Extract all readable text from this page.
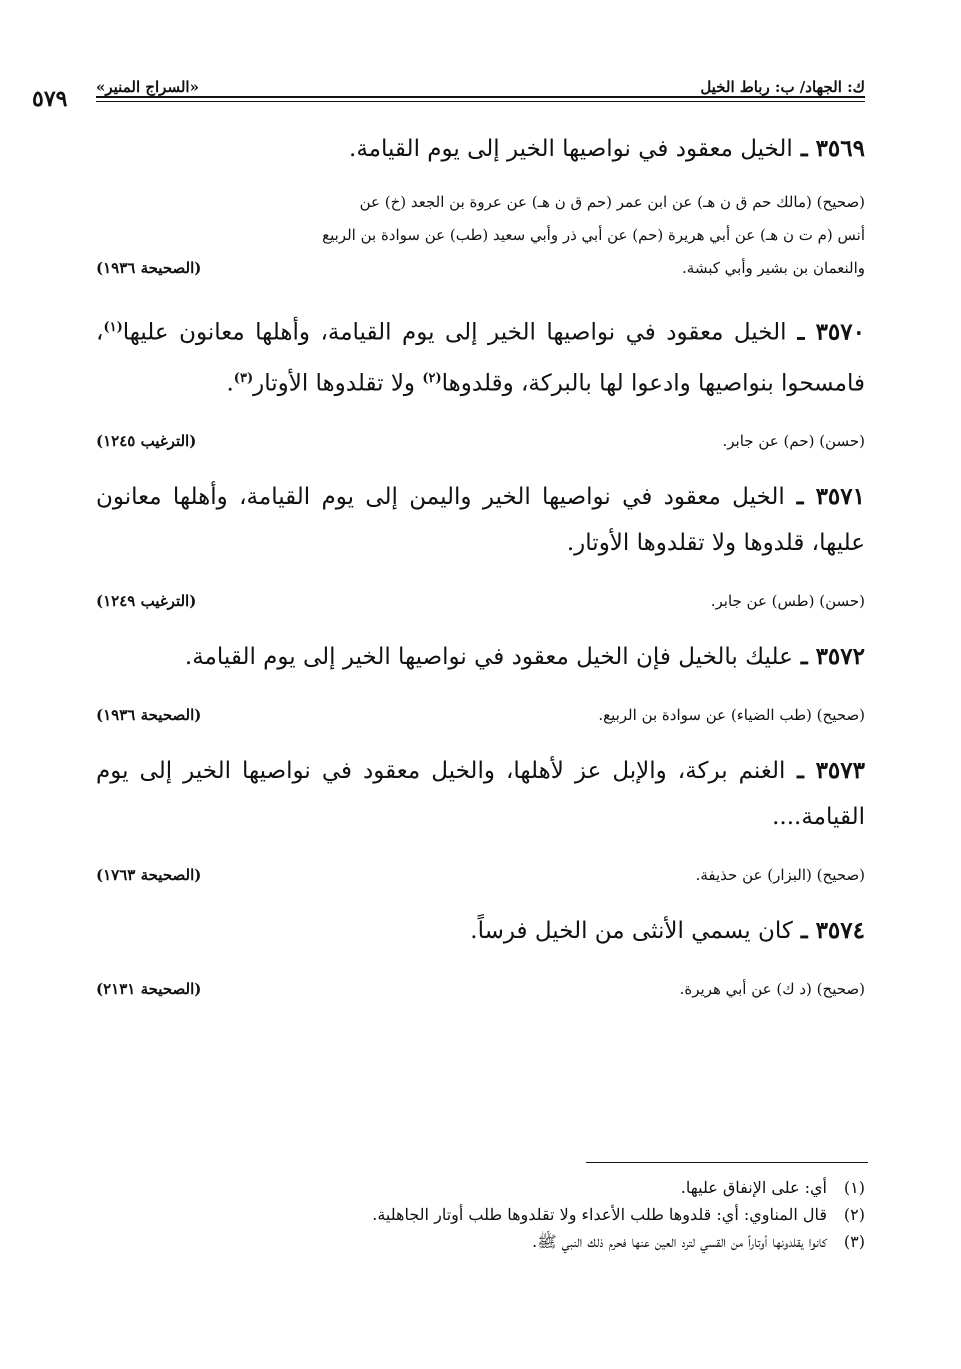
ك: الجهاد/ ب: رباط الخيل
«السراج المنير»
٥٧٩

٣٥٦٩ ـ الخيل معقود في نواصيها الخير إلى يوم القيامة.

(صحيح) (مالك حم ق ن هـ) عن ابن عمر (حم ق ن هـ) عن عروة بن الجعد (خ) عن
أنس (م ت ن هـ) عن أبي هريرة (حم) عن أبي ذر وأبي سعيد (طب) عن سوادة بن الربيع
والنعمان بن بشير وأبي كبشة.
(الصحيحة ١٩٣٦)

٣٥٧٠ ـ الخيل معقود في نواصيها الخير إلى يوم القيامة، وأهلها معانون عليها$^{(١)}$، فامسحوا بنواصيها وادعوا لها بالبركة، وقلدوها$^{(٢)}$ ولا تقلدوها الأوتار$^{(٣)}$.

(حسن) (حم) عن جابر.
(الترغيب ١٢٤٥)

٣٥٧١ ـ الخيل معقود في نواصيها الخير واليمن إلى يوم القيامة، وأهلها معانون عليها، قلدوها ولا تقلدوها الأوتار.

(حسن) (طس) عن جابر.
(الترغيب ١٢٤٩)

٣٥٧٢ ـ عليك بالخيل فإن الخيل معقود في نواصيها الخير إلى يوم القيامة.

(صحيح) (طب الضياء) عن سوادة بن الربيع.
(الصحيحة ١٩٣٦)

٣٥٧٣ ـ الغنم بركة، والإبل عز لأهلها، والخيل معقود في نواصيها الخير إلى يوم القيامة....

(صحيح) (البزار) عن حذيفة.
(الصحيحة ١٧٦٣)

٣٥٧٤ ـ كان يسمي الأنثى من الخيل فرساً.

(صحيح) (د ك) عن أبي هريرة.
(الصحيحة ٢١٣١)
(١)أي: على الإنفاق عليها.
(٢)قال المناوي: أي: قلدوها طلب الأعداء ولا تقلدوها طلب أوتار الجاهلية.
(٣)كانوا يقلدونها أوتاراً من القسي لترد العين عنها فحرم ذلك النبي ﷺ.
